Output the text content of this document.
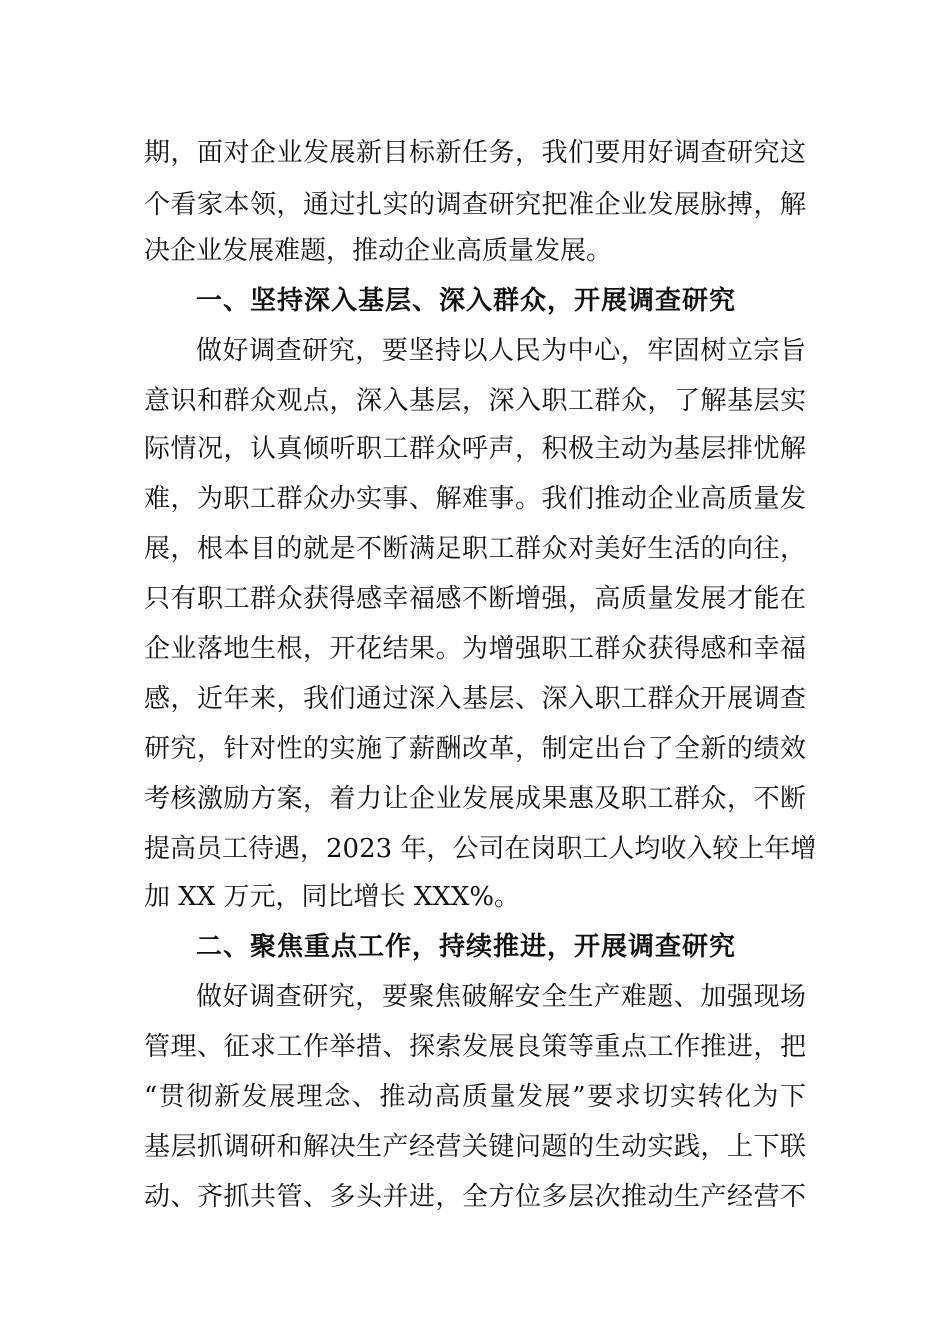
期，面对企业发展新目标新任务，我们要用好调查研究这
个看家本领，通过扎实的调查研究把准企业发展脉搏，解
决企业发展难题，推动企业高质量发展。
一、坚持深入基层、深入群众，开展调查研究
做好调查研究，要坚持以人民为中心，牢固树立宗旨
意识和群众观点，深入基层，深入职工群众，了解基层实
际情况，认真倾听职工群众呼声，积极主动为基层排忧解
难，为职工群众办实事、解难事。我们推动企业高质量发
展，根本目的就是不断满足职工群众对美好生活的向往，
只有职工群众获得感幸福感不断增强，高质量发展才能在
企业落地生根，开花结果。为增强职工群众获得感和幸福
感，近年来，我们通过深入基层、深入职工群众开展调查
研究，针对性的实施了薪酬改革，制定出台了全新的绩效
考核激励方案，着力让企业发展成果惠及职工群众，不断
提高员工待遇，2023 年，公司在岗职工人均收入较上年增
加 XX 万元，同比增长 XXX%。
二、聚焦重点工作，持续推进，开展调查研究
做好调查研究，要聚焦破解安全生产难题、加强现场
管理、征求工作举措、探索发展良策等重点工作推进，把
“贯彻新发展理念、推动高质量发展”要求切实转化为下
基层抓调研和解决生产经营关键问题的生动实践，上下联
动、齐抓共管、多头并进，全方位多层次推动生产经营不
